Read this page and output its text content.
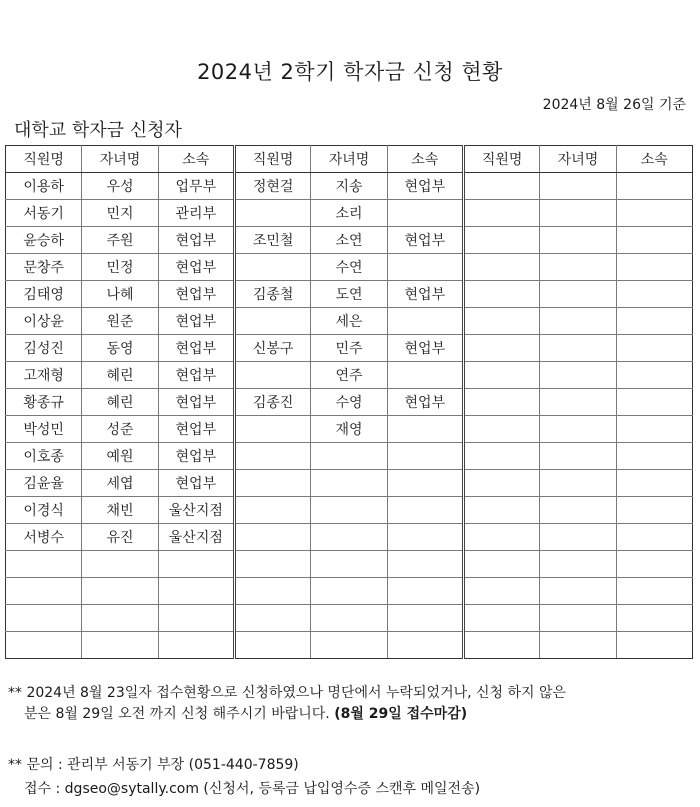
2024년 2학기 학자금 신청 현황
2024년 8월 26일 기준
대학교 학자금 신청자
직원명	자녀명	소속	직원명	자녀명	소속	직원명	자녀명	소속
이용하	우성	업무부	정현걸	지송	현업부			
서동기	민지	관리부		소리				
윤승하	주원	현업부	조민철	소연	현업부			
문창주	민정	현업부		수연				
김태영	나혜	현업부	김종철	도연	현업부			
이상윤	원준	현업부		세은				
김성진	동영	현업부	신봉구	민주	현업부			
고재형	혜린	현업부		연주				
황종규	혜린	현업부	김종진	수영	현업부			
박성민	성준	현업부		재영				
이호종	예원	현업부						
김윤율	세엽	현업부						
이경식	채빈	울산지점						
서병수	유진	울산지점						

** 2024년 8월 23일자 접수현황으로 신청하였으나 명단에서 누락되었거나, 신청 하지 않은
분은 8월 29일 오전 까지 신청 해주시기 바랍니다. (8월 29일 접수마감)
** 문의 : 관리부 서동기 부장 (051-440-7859)
접수 : dgseo@sytally.com (신청서, 등록금 납입영수증 스캔후 메일전송)
